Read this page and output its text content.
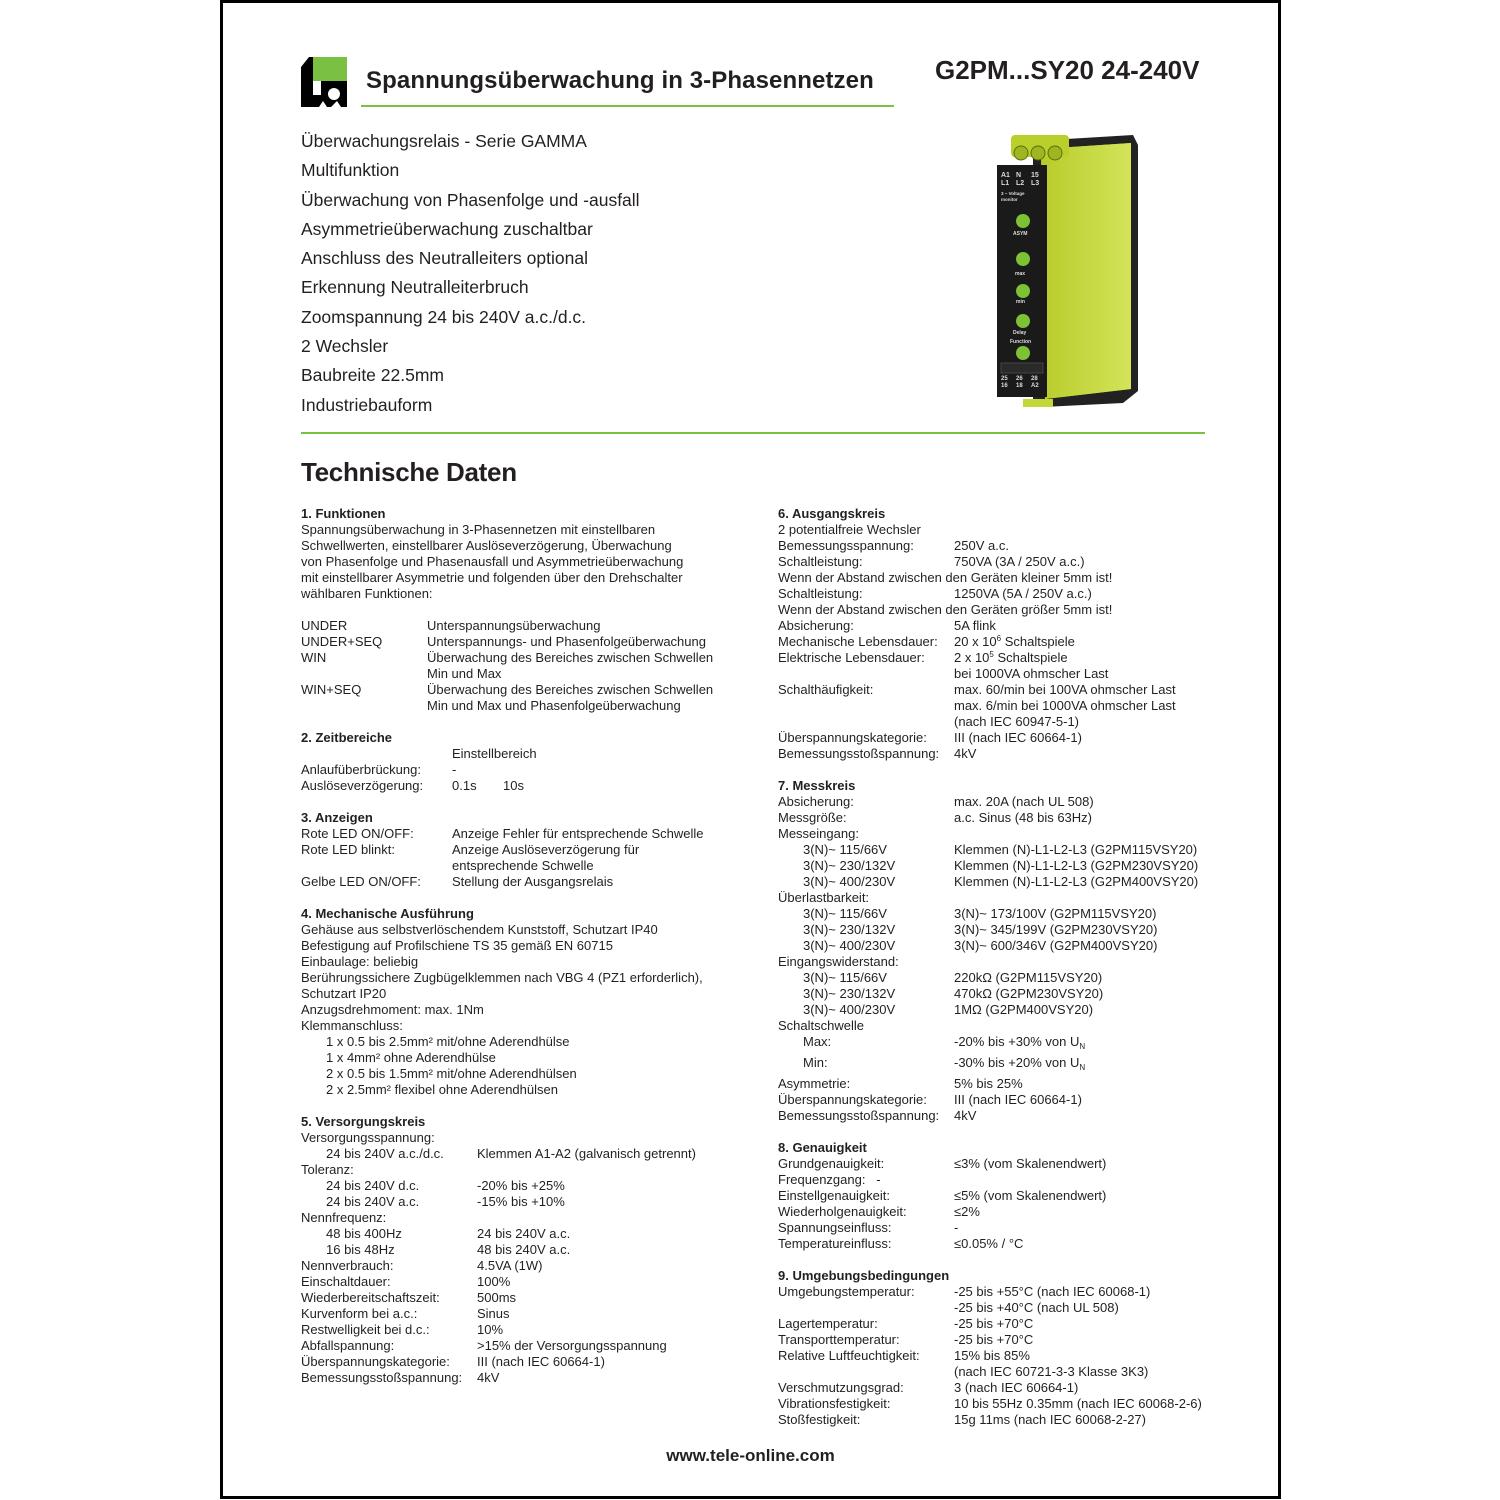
Spannungsüberwachung in 3-Phasennetzen G2PM...SY20 24-240V
Überwachungsrelais - Serie GAMMA
Multifunktion
Überwachung von Phasenfolge und -ausfall
Asymmetrieüberwachung zuschaltbar
Anschluss des Neutralleiters optional
Erkennung Neutralleiterbruch
Zoomspannung 24 bis 240V a.c./d.c.
2 Wechsler
Baubreite 22.5mm
Industriebauform
A1 N 15
L1 L2 L3
3 ~ Voltage
monitor
ASYM
max
min
Delay
Function
25 26 28
16 18 A2
Technische Daten
1. Funktionen
Spannungsüberwachung in 3-Phasennetzen mit einstellbaren
Schwellwerten, einstellbarer Auslöseverzögerung, Überwachung
von Phasenfolge und Phasenausfall und Asymmetrieüberwachung
mit einstellbarer Asymmetrie und folgenden über den Drehschalter
wählbaren Funktionen:
UNDER	Unterspannungsüberwachung
UNDER+SEQ	Unterspannungs- und Phasenfolgeüberwachung
WIN	Überwachung des Bereiches zwischen Schwellen
Min und Max
WIN+SEQ	Überwachung des Bereiches zwischen Schwellen
Min und Max und Phasenfolgeüberwachung
2. Zeitbereiche
Einstellbereich
Anlaufüberbrückung:	-
Auslöseverzögerung:	0.1s	10s
3. Anzeigen
Rote LED ON/OFF:	Anzeige Fehler für entsprechende Schwelle
Rote LED blinkt:	Anzeige Auslöseverzögerung für
entsprechende Schwelle
Gelbe LED ON/OFF:	Stellung der Ausgangsrelais
4. Mechanische Ausführung
Gehäuse aus selbstverlöschendem Kunststoff, Schutzart IP40
Befestigung auf Profilschiene TS 35 gemäß EN 60715
Einbaulage: beliebig
Berührungssichere Zugbügelklemmen nach VBG 4 (PZ1 erforderlich),
Schutzart IP20
Anzugsdrehmoment: max. 1Nm
Klemmanschluss:
1 x 0.5 bis 2.5mm² mit/ohne Aderendhülse
1 x 4mm² ohne Aderendhülse
2 x 0.5 bis 1.5mm² mit/ohne Aderendhülsen
2 x 2.5mm² flexibel ohne Aderendhülsen
5. Versorgungskreis
Versorgungsspannung:
24 bis 240V a.c./d.c.	Klemmen A1-A2 (galvanisch getrennt)
Toleranz:
24 bis 240V d.c.	-20% bis +25%
24 bis 240V a.c.	-15% bis +10%
Nennfrequenz:
48 bis 400Hz	24 bis 240V a.c.
16 bis 48Hz	48 bis 240V a.c.
Nennverbrauch:	4.5VA (1W)
Einschaltdauer:	100%
Wiederbereitschaftszeit:	500ms
Kurvenform bei a.c.:	Sinus
Restwelligkeit bei d.c.:	10%
Abfallspannung:	>15% der Versorgungsspannung
Überspannungskategorie:	III (nach IEC 60664-1)
Bemessungsstoßspannung:	4kV
6. Ausgangskreis
2 potentialfreie Wechsler
Bemessungsspannung:	250V a.c.
Schaltleistung:	750VA (3A / 250V a.c.)
Wenn der Abstand zwischen den Geräten kleiner 5mm ist!
Schaltleistung:	1250VA (5A / 250V a.c.)
Wenn der Abstand zwischen den Geräten größer 5mm ist!
Absicherung:	5A flink
Mechanische Lebensdauer:	20 x $10^6$ Schaltspiele
Elektrische Lebensdauer:	2 x $10^5$ Schaltspiele
bei 1000VA ohmscher Last
Schalthäufigkeit:	max. 60/min bei 100VA ohmscher Last
max. 6/min bei 1000VA ohmscher Last
(nach IEC 60947-5-1)
Überspannungskategorie:	III (nach IEC 60664-1)
Bemessungsstoßspannung:	4kV
7. Messkreis
Absicherung:	max. 20A (nach UL 508)
Messgröße:	a.c. Sinus (48 bis 63Hz)
Messeingang:
3(N)~ 115/66V	Klemmen (N)-L1-L2-L3 (G2PM115VSY20)
3(N)~ 230/132V	Klemmen (N)-L1-L2-L3 (G2PM230VSY20)
3(N)~ 400/230V	Klemmen (N)-L1-L2-L3 (G2PM400VSY20)
Überlastbarkeit:
3(N)~ 115/66V	3(N)~ 173/100V (G2PM115VSY20)
3(N)~ 230/132V	3(N)~ 345/199V (G2PM230VSY20)
3(N)~ 400/230V	3(N)~ 600/346V (G2PM400VSY20)
Eingangswiderstand:
3(N)~ 115/66V	220kΩ (G2PM115VSY20)
3(N)~ 230/132V	470kΩ (G2PM230VSY20)
3(N)~ 400/230V	1MΩ (G2PM400VSY20)
Schaltschwelle
Max:	-20% bis +30% von $U_N$
Min:	-30% bis +20% von $U_N$
Asymmetrie:	5% bis 25%
Überspannungskategorie:	III (nach IEC 60664-1)
Bemessungsstoßspannung:	4kV
8. Genauigkeit
Grundgenauigkeit:	≤3% (vom Skalenendwert)
Frequenzgang:   -
Einstellgenauigkeit:	≤5% (vom Skalenendwert)
Wiederholgenauigkeit:	≤2%
Spannungseinfluss:	-
Temperatureinfluss:	≤0.05% / °C
9. Umgebungsbedingungen
Umgebungstemperatur:	-25 bis +55°C (nach IEC 60068-1)
-25 bis +40°C (nach UL 508)
Lagertemperatur:	-25 bis +70°C
Transporttemperatur:	-25 bis +70°C
Relative Luftfeuchtigkeit:	15% bis 85%
(nach IEC 60721-3-3 Klasse 3K3)
Verschmutzungsgrad:	3 (nach IEC 60664-1)
Vibrationsfestigkeit:	10 bis 55Hz 0.35mm (nach IEC 60068-2-6)
Stoßfestigkeit:	15g 11ms (nach IEC 60068-2-27)
www.tele-online.com
